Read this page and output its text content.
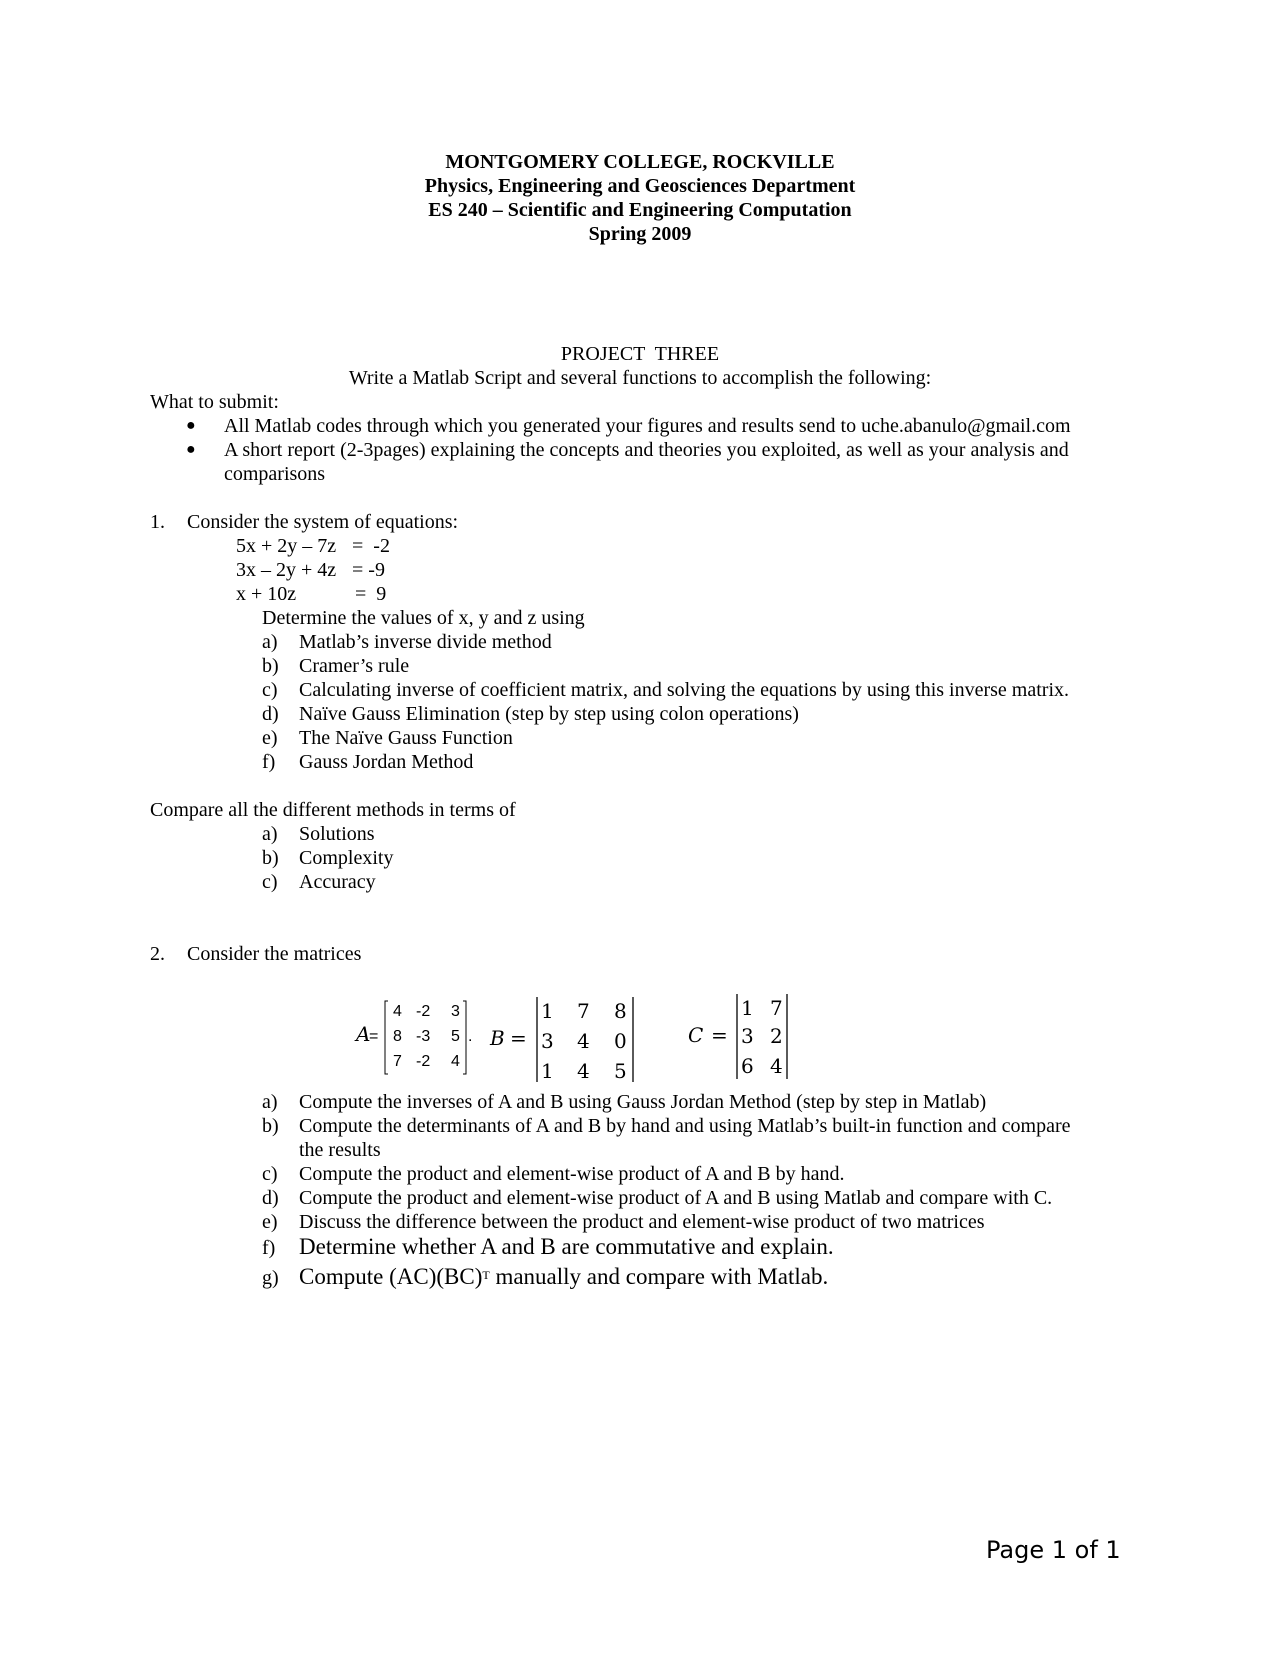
MONTGOMERY COLLEGE, ROCKVILLE
Physics, Engineering and Geosciences Department
ES 240 – Scientific and Engineering Computation
Spring 2009
PROJECT  THREE
Write a Matlab Script and several functions to accomplish the following:
What to submit:
● All Matlab codes through which you generated your figures and results send to uche.abanulo@gmail.com
● A short report (2-3pages) explaining the concepts and theories you exploited, as well as your analysis and
comparisons
1. Consider the system of equations:
5x + 2y – 7z =  -2
3x – 2y + 4z = -9
x + 10z	=  9
Determine the values of x, y and z using
a)	Matlab’s inverse divide method
b)	Cramer’s rule
c)	Calculating inverse of coefficient matrix, and solving the equations by using this inverse matrix.
d)	Naïve Gauss Elimination (step by step using colon operations)
e)	The Naïve Gauss Function
f)	Gauss Jordan Method
Compare all the different methods in terms of
a)	Solutions
b)	Complexity
c)	Accuracy
2. Consider the matrices
A
=
4 -2 3
8 -3 5
7 -2 4
. B =
1 7 8
3 4 0
1 4 5
C =
1 7
3 2
6 4
a)	Compute the inverses of A and B using Gauss Jordan Method (step by step in Matlab)
b)	Compute the determinants of A and B by hand and using Matlab’s built-in function and compare
the results
c)	Compute the product and element-wise product of A and B by hand.
d)	Compute the product and element-wise product of A and B using Matlab and compare with C.
e)	Discuss the difference between the product and element-wise product of two matrices
f)	Determine whether A and B are commutative and explain.
g) Compute (AC)(BC)$^T$ manually and compare with Matlab.
Page 1 of 1
